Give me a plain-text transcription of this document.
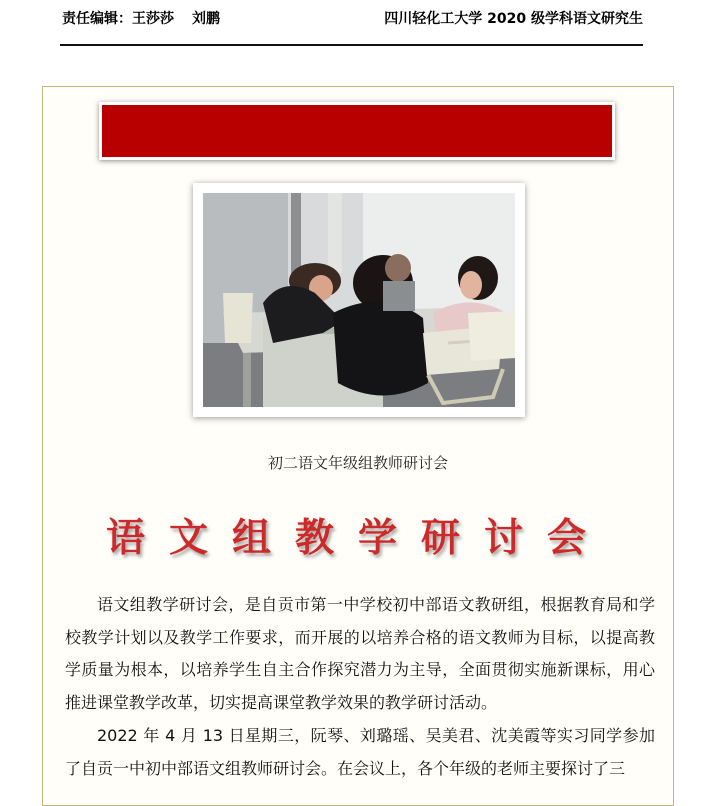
责任编辑：王莎莎 刘鹏	四川轻化工大学 2020 级学科语文研究生
初二语文年级组教师研讨会
语文组教学研讨会

语文组教学研讨会，是自贡市第一中学校初中部语文教研组，根据教育局和学校教学计划以及教学工作要求，而开展的以培养合格的语文教师为目标，以提高教学质量为根本，以培养学生自主合作探究潜力为主导，全面贯彻实施新课标，用心推进课堂教学改革，切实提高课堂教学效果的教学研讨活动。

2022 年 4 月 13 日星期三，阮琴、刘璐瑶、吴美君、沈美霞等实习同学参加了自贡一中初中部语文组教师研讨会。在会议上，各个年级的老师主要探讨了三
